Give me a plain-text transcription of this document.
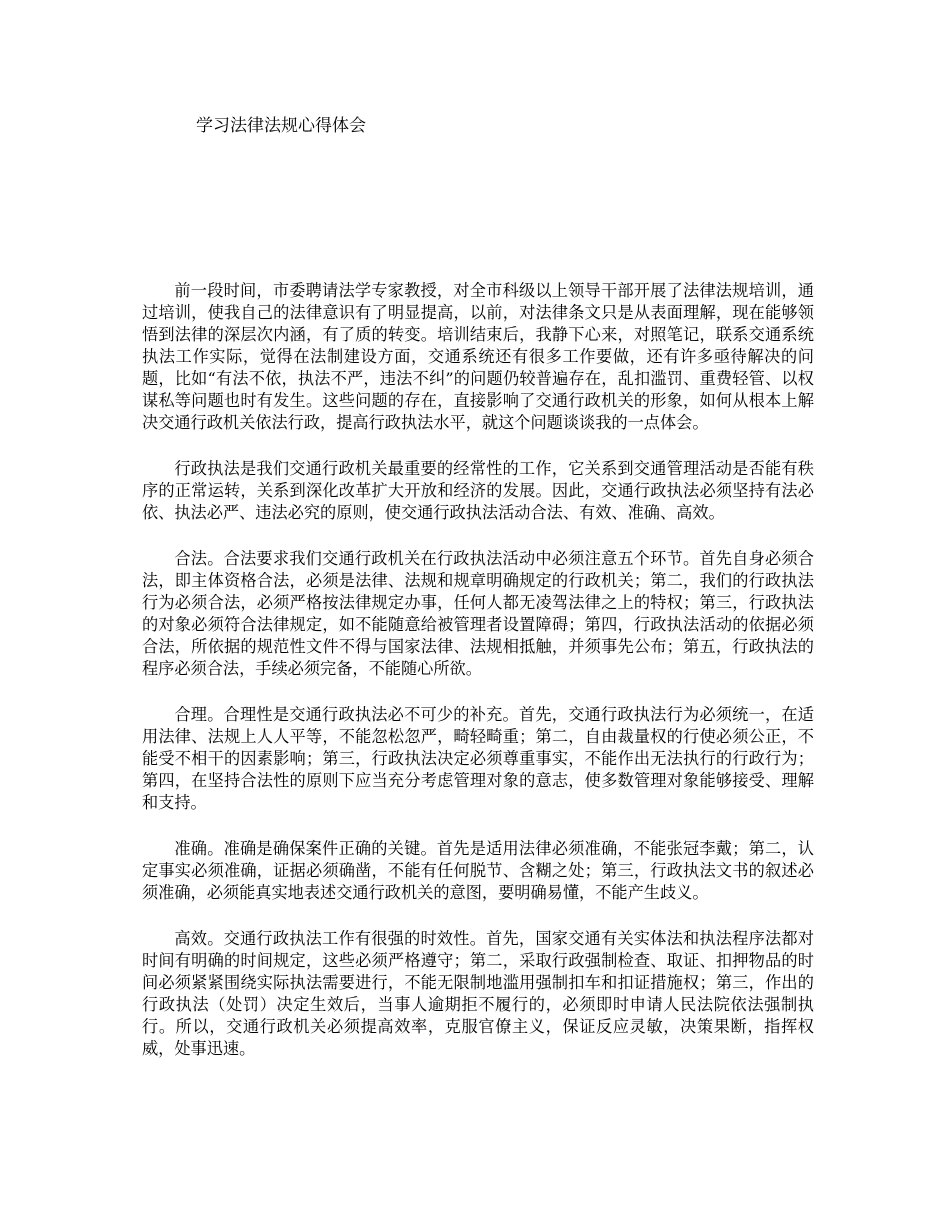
学习法律法规心得体会

前一段时间，市委聘请法学专家教授，对全市科级以上领导干部开展了法律法规培训，通过培训，使我自己的法律意识有了明显提高，以前，对法律条文只是从表面理解，现在能够领悟到法律的深层次内涵，有了质的转变。培训结束后，我静下心来，对照笔记，联系交通系统执法工作实际，觉得在法制建设方面，交通系统还有很多工作要做，还有许多亟待解决的问题，比如“有法不依，执法不严，违法不纠”的问题仍较普遍存在，乱扣滥罚、重费轻管、以权谋私等问题也时有发生。这些问题的存在，直接影响了交通行政机关的形象，如何从根本上解决交通行政机关依法行政，提高行政执法水平，就这个问题谈谈我的一点体会。

行政执法是我们交通行政机关最重要的经常性的工作，它关系到交通管理活动是否能有秩序的正常运转，关系到深化改革扩大开放和经济的发展。因此，交通行政执法必须坚持有法必依、执法必严、违法必究的原则，使交通行政执法活动合法、有效、准确、高效。

合法。合法要求我们交通行政机关在行政执法活动中必须注意五个环节。首先自身必须合法，即主体资格合法，必须是法律、法规和规章明确规定的行政机关；第二，我们的行政执法行为必须合法，必须严格按法律规定办事，任何人都无凌驾法律之上的特权；第三，行政执法的对象必须符合法律规定，如不能随意给被管理者设置障碍；第四，行政执法活动的依据必须合法，所依据的规范性文件不得与国家法律、法规相抵触，并须事先公布；第五，行政执法的程序必须合法，手续必须完备，不能随心所欲。

合理。合理性是交通行政执法必不可少的补充。首先，交通行政执法行为必须统一，在适用法律、法规上人人平等，不能忽松忽严，畸轻畸重；第二，自由裁量权的行使必须公正，不能受不相干的因素影响；第三，行政执法决定必须尊重事实，不能作出无法执行的行政行为；第四，在坚持合法性的原则下应当充分考虑管理对象的意志，使多数管理对象能够接受、理解和支持。

准确。准确是确保案件正确的关键。首先是适用法律必须准确，不能张冠李戴；第二，认定事实必须准确，证据必须确凿，不能有任何脱节、含糊之处；第三，行政执法文书的叙述必须准确，必须能真实地表述交通行政机关的意图，要明确易懂，不能产生歧义。

高效。交通行政执法工作有很强的时效性。首先，国家交通有关实体法和执法程序法都对时间有明确的时间规定，这些必须严格遵守；第二，采取行政强制检查、取证、扣押物品的时间必须紧紧围绕实际执法需要进行，不能无限制地滥用强制扣车和扣证措施权；第三，作出的行政执法（处罚）决定生效后，当事人逾期拒不履行的，必须即时申请人民法院依法强制执行。所以，交通行政机关必须提高效率，克服官僚主义，保证反应灵敏，决策果断，指挥权威，处事迅速。
